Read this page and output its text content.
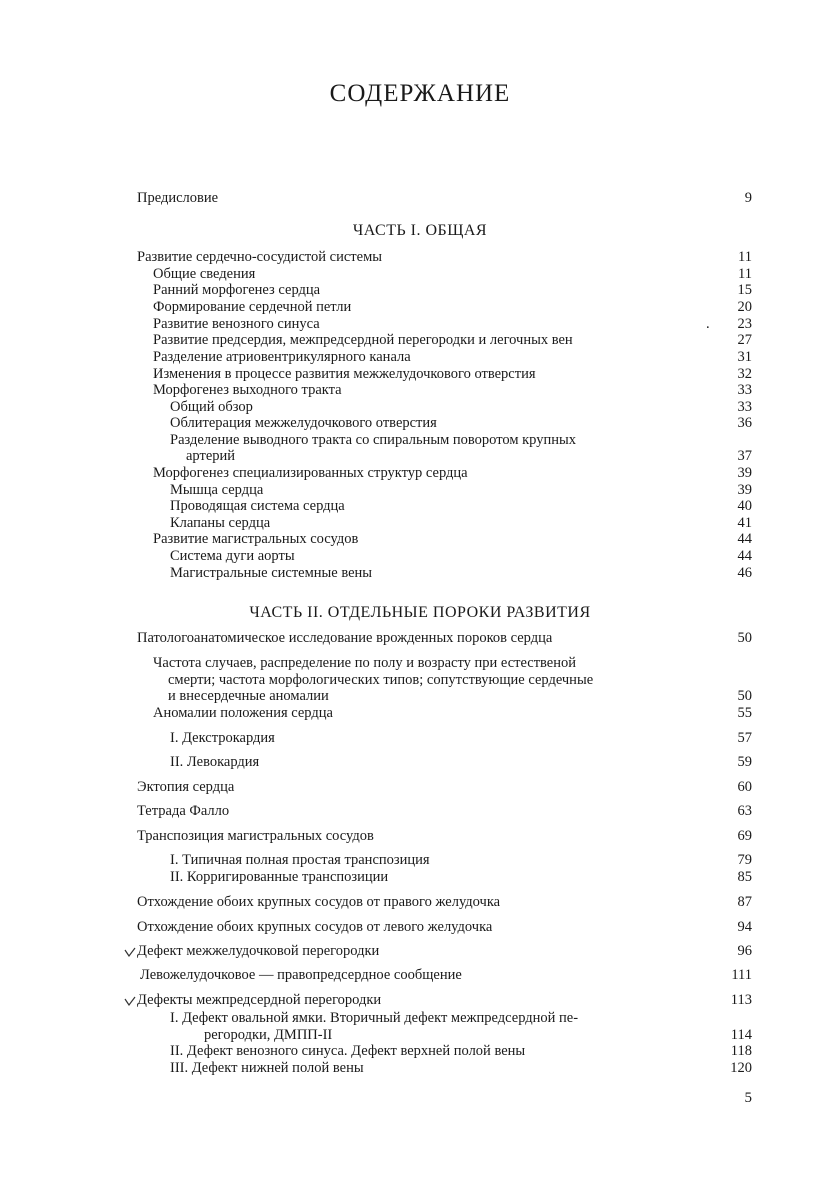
СОДЕРЖАНИЕ
Предисловие	9
ЧАСТЬ I. ОБЩАЯ
Развитие сердечно-сосудистой системы	11
Общие сведения	11
Ранний морфогенез сердца	15
Формирование сердечной петли	20
Развитие венозного синуса	. 23
Развитие предсердия, межпредсердной перегородки и легочных вен	27
Разделение атриовентрикулярного канала	31
Изменения в процессе развития межжелудочкового отверстия	32
Морфогенез выходного тракта	33
Общий обзор	33
Облитерация межжелудочкового отверстия	36
Разделение выводного тракта со спиральным поворотом крупных
артерий	37
Морфогенез специализированных структур сердца	39
Мышца сердца	39
Проводящая система сердца	40
Клапаны сердца	41
Развитие магистральных сосудов	44
Система дуги аорты	44
Магистральные системные вены	46
ЧАСТЬ II. ОТДЕЛЬНЫЕ ПОРОКИ РАЗВИТИЯ
Патологоанатомическое исследование врожденных пороков сердца	50
Частота случаев, распределение по полу и возрасту при естественой
смерти; частота морфологических типов; сопутствующие сердечные
и внесердечные аномалии	50
Аномалии положения сердца	55
I. Декстрокардия	57
II. Левокардия	59
Эктопия сердца	60
Тетрада Фалло	63
Транспозиция магистральных сосудов	69
I. Типичная полная простая транспозиция	79
II. Корригированные транспозиции	85
Отхождение обоих крупных сосудов от правого желудочка	87
Отхождение обоих крупных сосудов от левого желудочка	94
Дефект межжелудочковой перегородки	96
Левожелудочковое — правопредсердное сообщение	111
Дефекты межпредсердной перегородки	113
I. Дефект овальной ямки. Вторичный дефект межпредсердной пе-
регородки, ДМПП-II	114
II. Дефект венозного синуса. Дефект верхней полой вены	118
III. Дефект нижней полой вены	120
5
